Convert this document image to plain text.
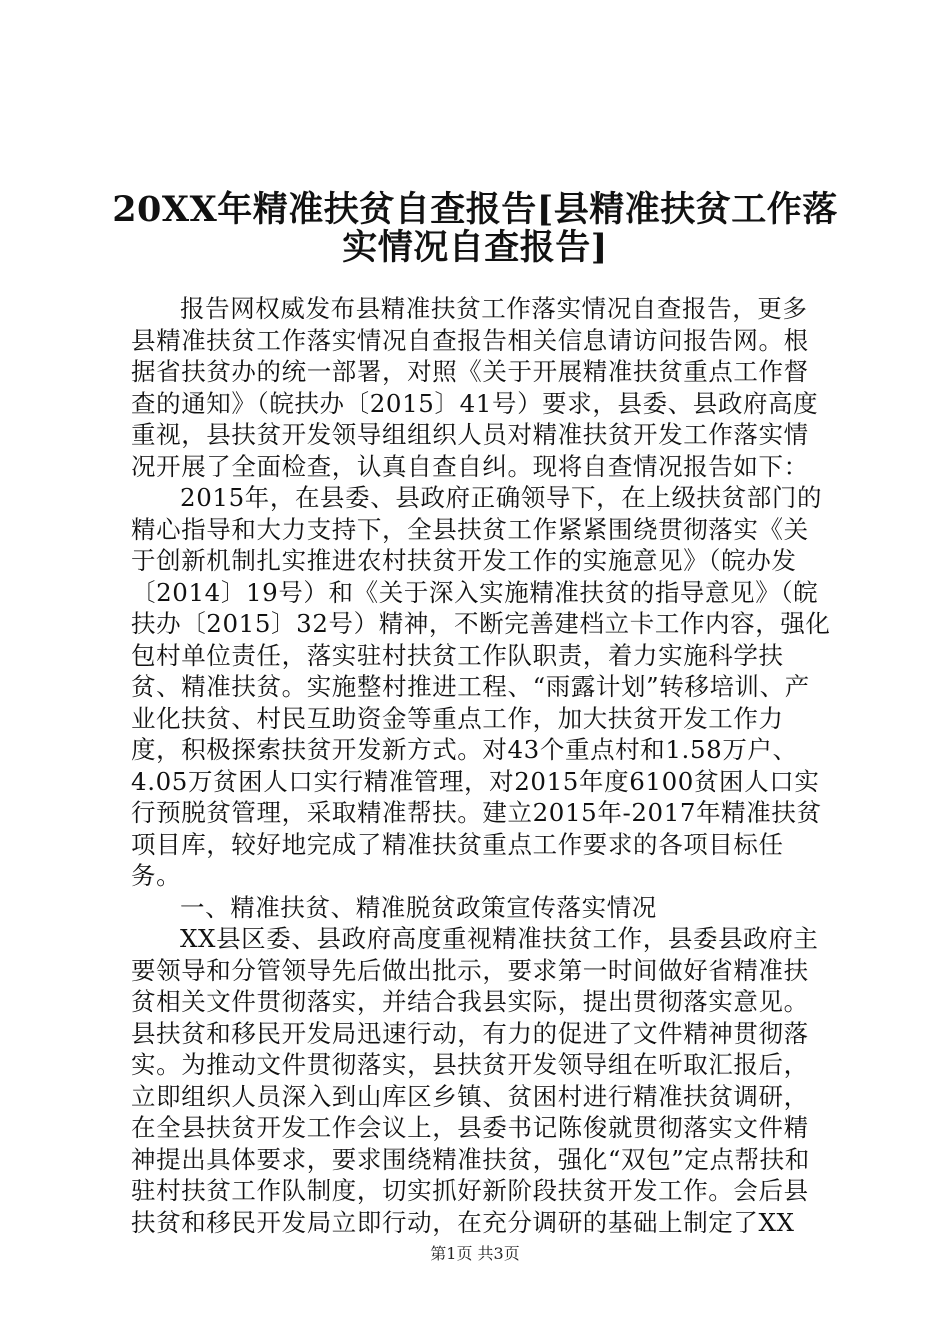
20XX年精准扶贫自查报告[县精准扶贫工作落
实情况自查报告]

报告网权威发布县精准扶贫工作落实情况自查报告，更多县精准扶贫工作落实情况自查报告相关信息请访问报告网。根据省扶贫办的统一部署，对照《关于开展精准扶贫重点工作督查的通知》（皖扶办〔2015〕41号）要求，县委、县政府高度重视，县扶贫开发领导组组织人员对精准扶贫开发工作落实情况开展了全面检查，认真自查自纠。现将自查情况报告如下：

2015年，在县委、县政府正确领导下，在上级扶贫部门的精心指导和大力支持下，全县扶贫工作紧紧围绕贯彻落实《关于创新机制扎实推进农村扶贫开发工作的实施意见》（皖办发〔2014〕19号）和《关于深入实施精准扶贫的指导意见》（皖扶办〔2015〕32号）精神，不断完善建档立卡工作内容，强化包村单位责任，落实驻村扶贫工作队职责，着力实施科学扶贫、精准扶贫。实施整村推进工程、“雨露计划”转移培训、产业化扶贫、村民互助资金等重点工作，加大扶贫开发工作力度，积极探索扶贫开发新方式。对43个重点村和1.58万户、4.05万贫困人口实行精准管理，对2015年度6100贫困人口实行预脱贫管理，采取精准帮扶。建立2015年-2017年精准扶贫项目库，较好地完成了精准扶贫重点工作要求的各项目标任务。

一、精准扶贫、精准脱贫政策宣传落实情况

XX县区委、县政府高度重视精准扶贫工作，县委县政府主要领导和分管领导先后做出批示，要求第一时间做好省精准扶贫相关文件贯彻落实，并结合我县实际，提出贯彻落实意见。县扶贫和移民开发局迅速行动，有力的促进了文件精神贯彻落实。为推动文件贯彻落实，县扶贫开发领导组在听取汇报后，立即组织人员深入到山库区乡镇、贫困村进行精准扶贫调研，在全县扶贫开发工作会议上，县委书记陈俊就贯彻落实文件精神提出具体要求，要求围绕精准扶贫，强化“双包”定点帮扶和驻村扶贫工作队制度，切实抓好新阶段扶贫开发工作。会后县扶贫和移民开发局立即行动，在充分调研的基础上制定了XX

第1页 共3页
